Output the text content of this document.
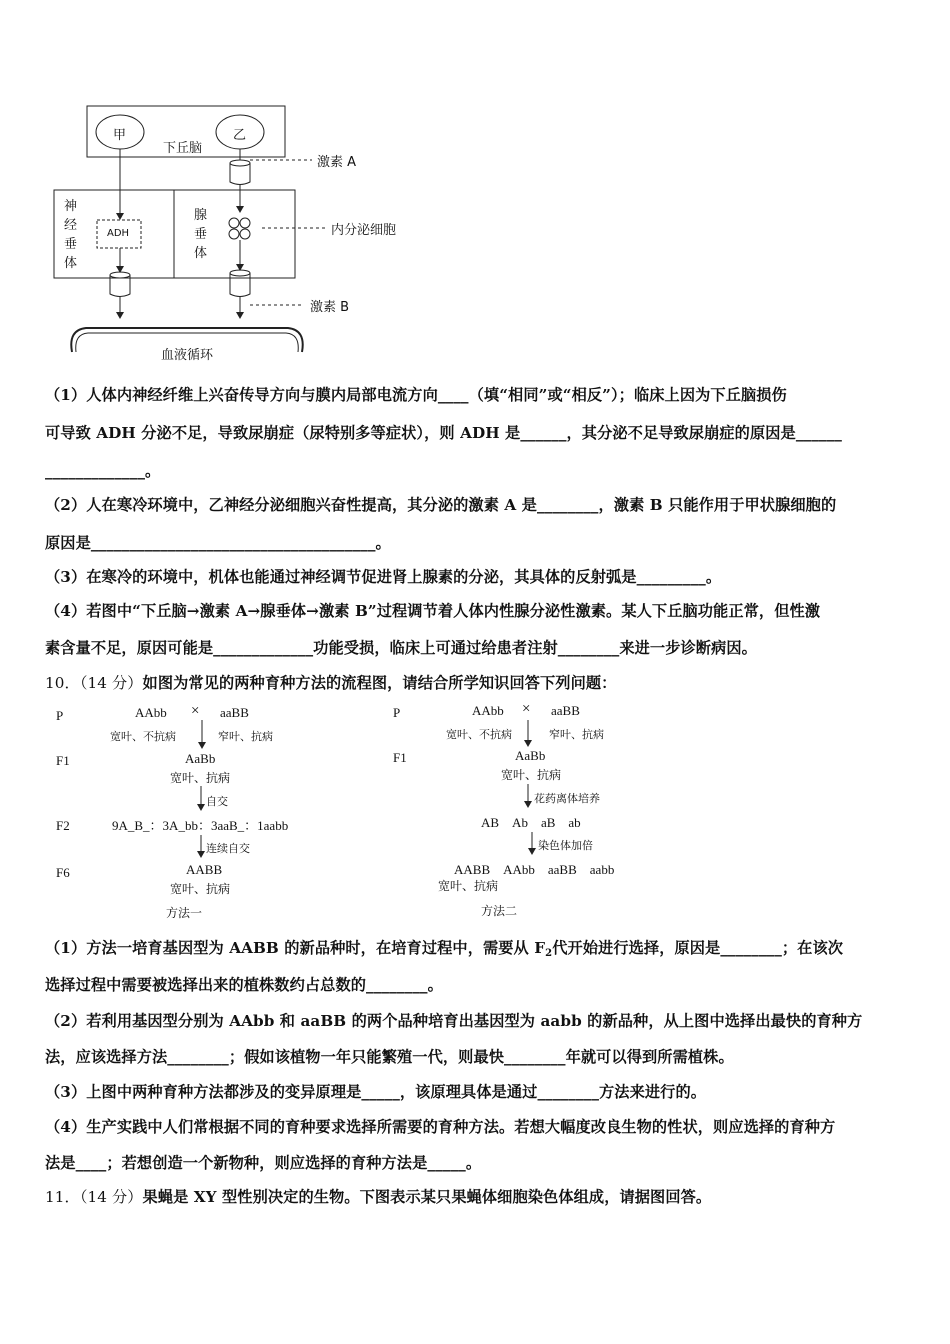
甲	乙
下丘脑
激素 A
神经垂体
ADH
腺垂体
内分泌细胞
激素 B
血液循环
（1）人体内神经纤维上兴奋传导方向与膜内局部电流方向____（填“相同”或“相反”）；临床上因为下丘脑损伤
可导致 ADH 分泌不足，导致尿崩症（尿特别多等症状），则 ADH 是______，其分泌不足导致尿崩症的原因是______
_____________。
（2）人在寒冷环境中，乙神经分泌细胞兴奋性提高，其分泌的激素 A 是________，激素 B 只能作用于甲状腺细胞的
原因是_____________________________________。
（3）在寒冷的环境中，机体也能通过神经调节促进肾上腺素的分泌，其具体的反射弧是_________。
（4）若图中“下丘脑→激素 A→腺垂体→激素 B”过程调节着人体内性腺分泌性激素。某人下丘脑功能正常，但性激
素含量不足，原因可能是_____________功能受损，临床上可通过给患者注射________来进一步诊断病因。
10．（14 分）如图为常见的两种育种方法的流程图，请结合所学知识回答下列问题：
P	AAbb × aaBB
宽叶、不抗病	窄叶、抗病
F1	AaBb
宽叶、抗病
自交
F2	9A_B_：3A_bb：3aaB_：1aabb
连续自交
F6	AABB
宽叶、抗病
方法一
P	AAbb × aaBB
宽叶、不抗病	窄叶、抗病
F1	AaBb
宽叶、抗病
花药离体培养
AB　Ab　aB　ab
染色体加倍
AABB　AAbb　aaBB　aabb
宽叶、抗病
方法二
（1）方法一培育基因型为 AABB 的新品种时，在培育过程中，需要从 $F_2$代开始进行选择，原因是________；在该次
选择过程中需要被选择出来的植株数约占总数的________。
（2）若利用基因型分别为 AAbb 和 aaBB 的两个品种培育出基因型为 aabb 的新品种，从上图中选择出最快的育种方
法，应该选择方法________；假如该植物一年只能繁殖一代，则最快________年就可以得到所需植株。
（3）上图中两种育种方法都涉及的变异原理是_____，该原理具体是通过________方法来进行的。
（4）生产实践中人们常根据不同的育种要求选择所需要的育种方法。若想大幅度改良生物的性状，则应选择的育种方
法是____；若想创造一个新物种，则应选择的育种方法是_____。
11．（14 分）果蝇是 XY 型性别决定的生物。下图表示某只果蝇体细胞染色体组成，请据图回答。
